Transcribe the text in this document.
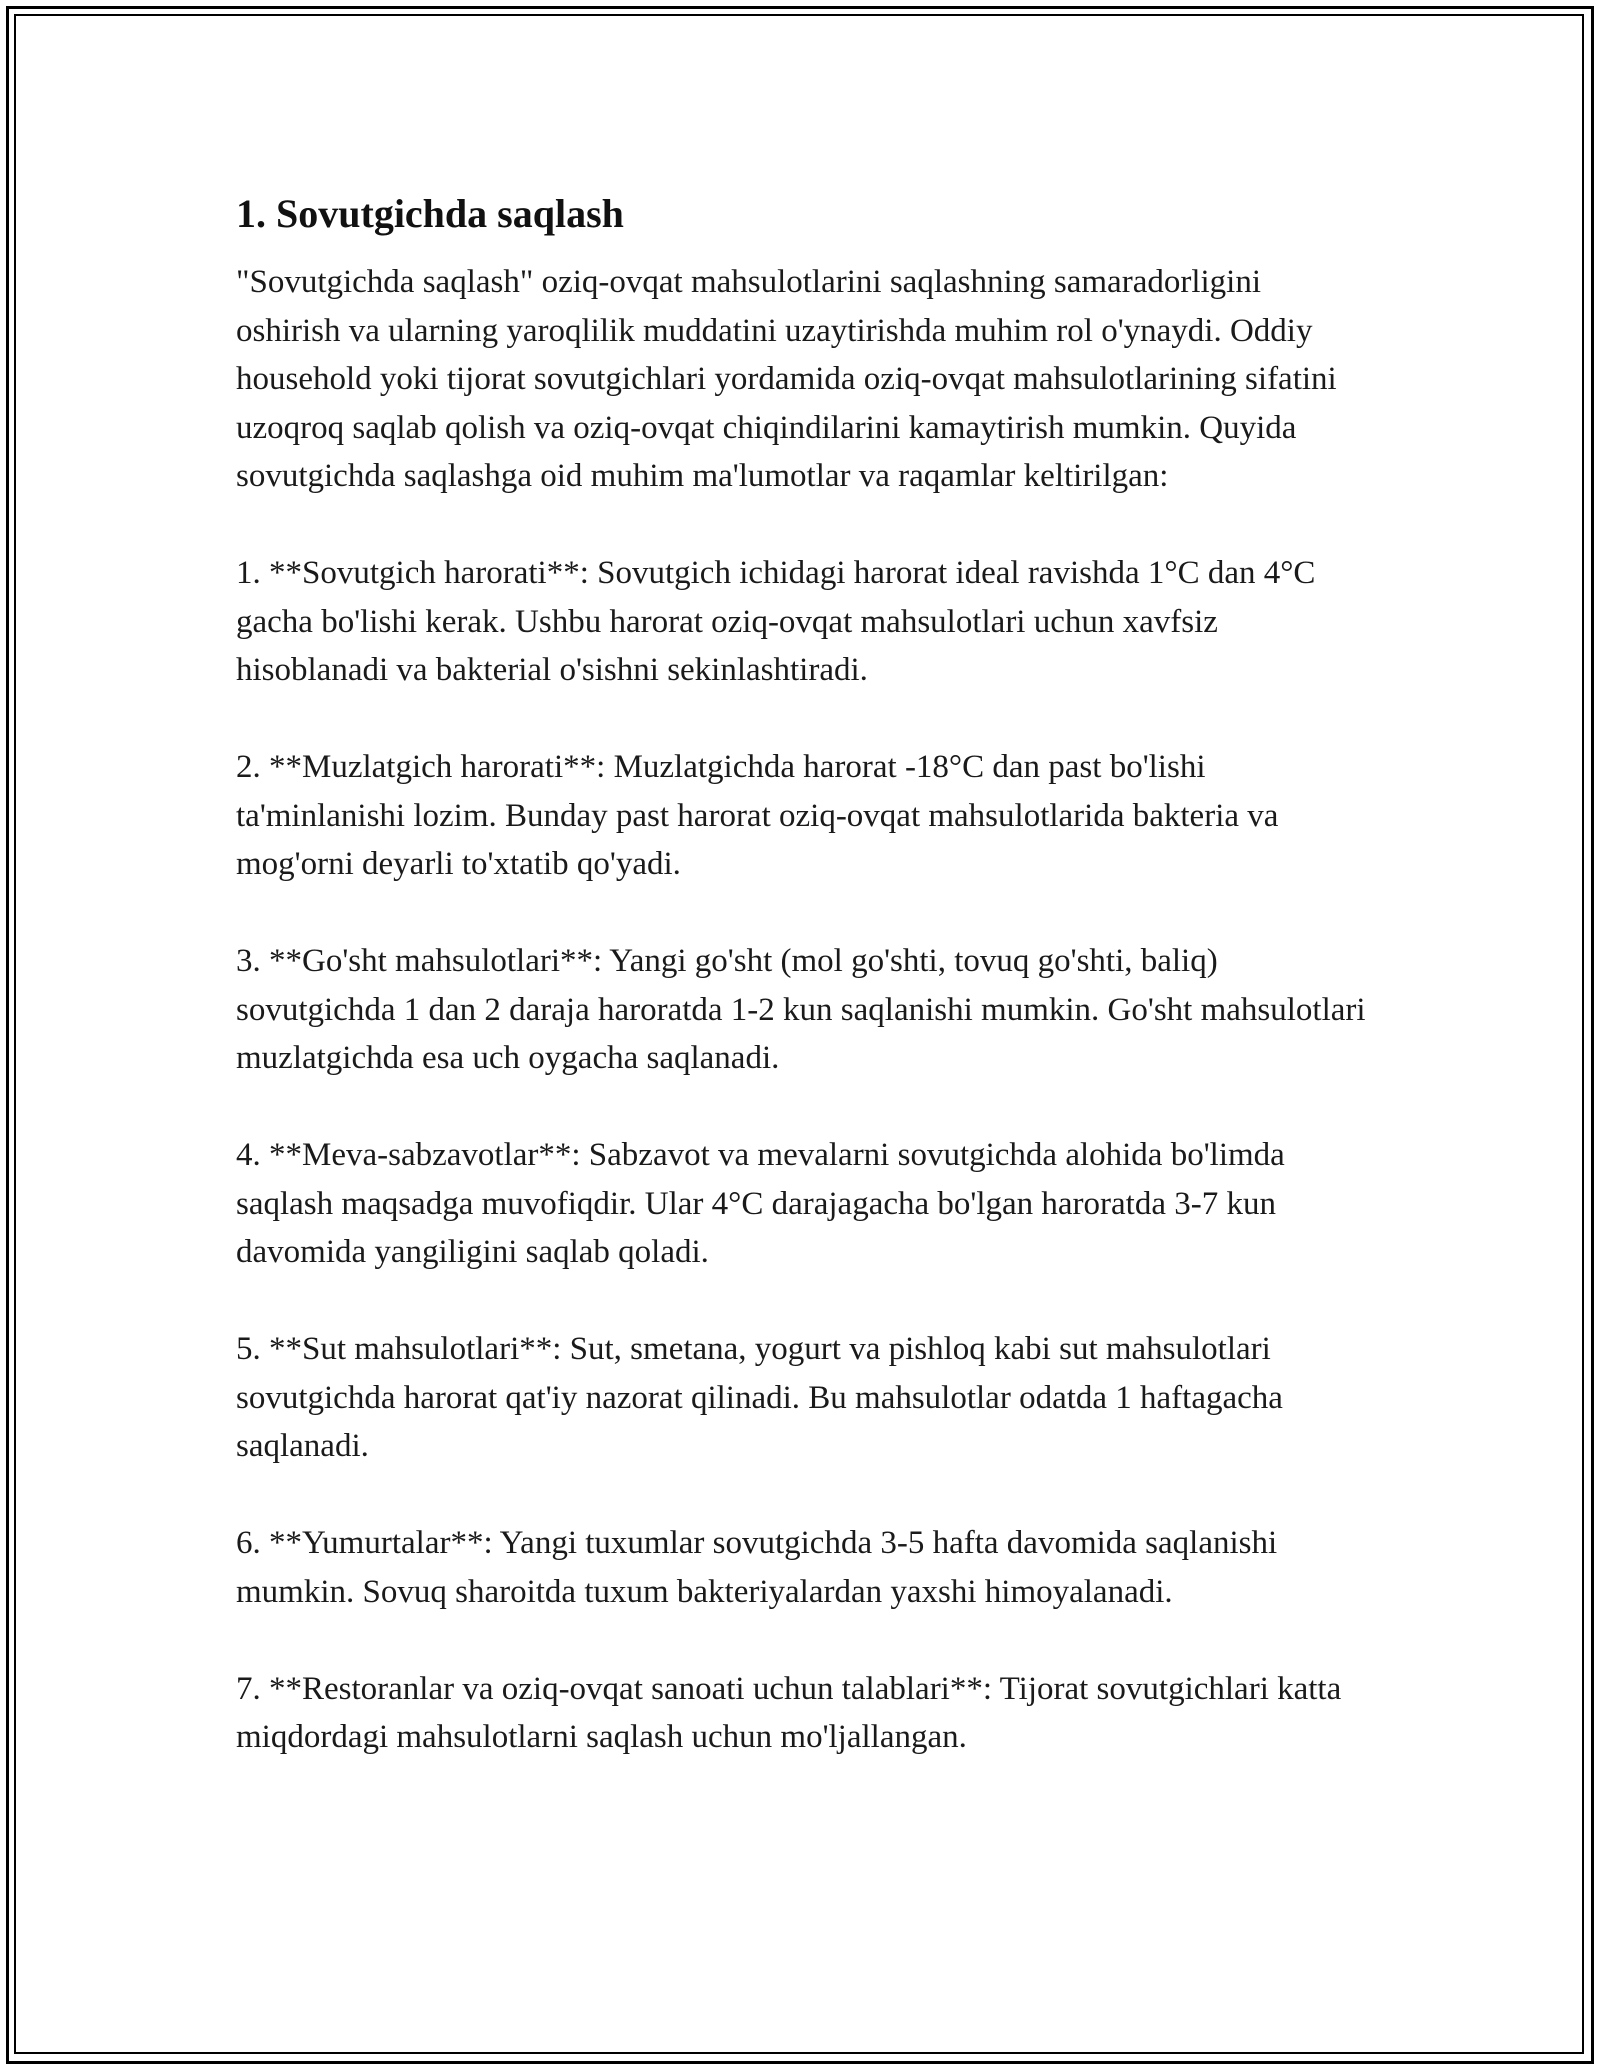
1. Sovutgichda saqlash

"Sovutgichda saqlash" oziq-ovqat mahsulotlarini saqlashning samaradorligini oshirish va ularning yaroqlilik muddatini uzaytirishda muhim rol o'ynaydi. Oddiy household yoki tijorat sovutgichlari yordamida oziq-ovqat mahsulotlarining sifatini uzoqroq saqlab qolish va oziq-ovqat chiqindilarini kamaytirish mumkin. Quyida sovutgichda saqlashga oid muhim ma'lumotlar va raqamlar keltirilgan:

1. **Sovutgich harorati**: Sovutgich ichidagi harorat ideal ravishda 1°C dan 4°C gacha bo'lishi kerak. Ushbu harorat oziq-ovqat mahsulotlari uchun xavfsiz hisoblanadi va bakterial o'sishni sekinlashtiradi.

2. **Muzlatgich harorati**: Muzlatgichda harorat -18°C dan past bo'lishi ta'minlanishi lozim. Bunday past harorat oziq-ovqat mahsulotlarida bakteria va mog'orni deyarli to'xtatib qo'yadi.

3. **Go'sht mahsulotlari**: Yangi go'sht (mol go'shti, tovuq go'shti, baliq) sovutgichda 1 dan 2 daraja haroratda 1-2 kun saqlanishi mumkin. Go'sht mahsulotlari muzlatgichda esa uch oygacha saqlanadi.

4. **Meva-sabzavotlar**: Sabzavot va mevalarni sovutgichda alohida bo'limda saqlash maqsadga muvofiqdir. Ular 4°C darajagacha bo'lgan haroratda 3-7 kun davomida yangiligini saqlab qoladi.

5. **Sut mahsulotlari**: Sut, smetana, yogurt va pishloq kabi sut mahsulotlari sovutgichda harorat qat'iy nazorat qilinadi. Bu mahsulotlar odatda 1 haftagacha saqlanadi.

6. **Yumurtalar**: Yangi tuxumlar sovutgichda 3-5 hafta davomida saqlanishi mumkin. Sovuq sharoitda tuxum bakteriyalardan yaxshi himoyalanadi.

7. **Restoranlar va oziq-ovqat sanoati uchun talablari**: Tijorat sovutgichlari katta miqdordagi mahsulotlarni saqlash uchun mo'ljallangan.
